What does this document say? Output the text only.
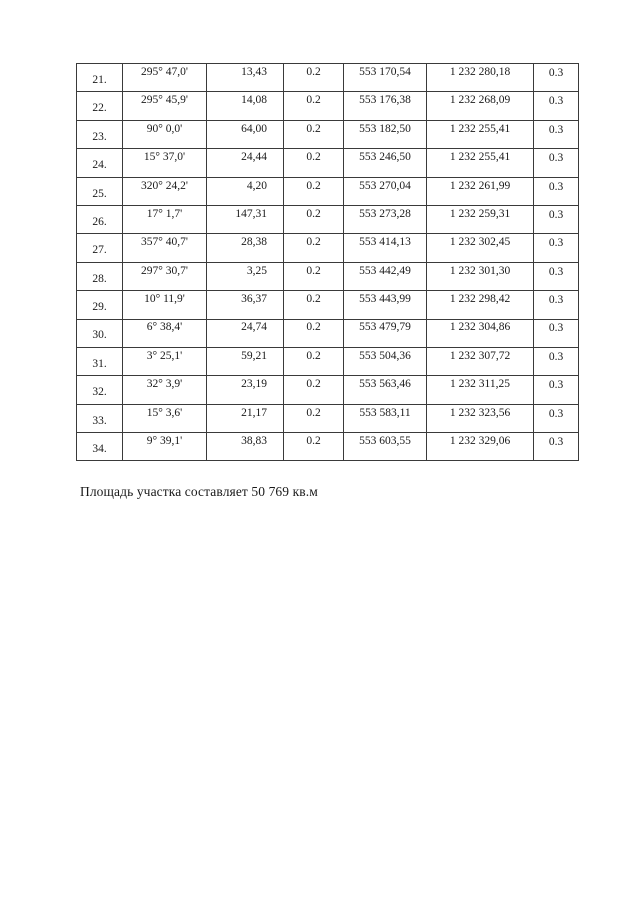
21.	295° 47,0'	13,43	0.2	553 170,54	1 232 280,18	0.3
22.	295° 45,9'	14,08	0.2	553 176,38	1 232 268,09	0.3
23.	90° 0,0'	64,00	0.2	553 182,50	1 232 255,41	0.3
24.	15° 37,0'	24,44	0.2	553 246,50	1 232 255,41	0.3
25.	320° 24,2'	4,20	0.2	553 270,04	1 232 261,99	0.3
26.	17° 1,7'	147,31	0.2	553 273,28	1 232 259,31	0.3
27.	357° 40,7'	28,38	0.2	553 414,13	1 232 302,45	0.3
28.	297° 30,7'	3,25	0.2	553 442,49	1 232 301,30	0.3
29.	10° 11,9'	36,37	0.2	553 443,99	1 232 298,42	0.3
30.	6° 38,4'	24,74	0.2	553 479,79	1 232 304,86	0.3
31.	3° 25,1'	59,21	0.2	553 504,36	1 232 307,72	0.3
32.	32° 3,9'	23,19	0.2	553 563,46	1 232 311,25	0.3
33.	15° 3,6'	21,17	0.2	553 583,11	1 232 323,56	0.3
34.	9° 39,1'	38,83	0.2	553 603,55	1 232 329,06	0.3
Площадь участка составляет 50 769 кв.м
